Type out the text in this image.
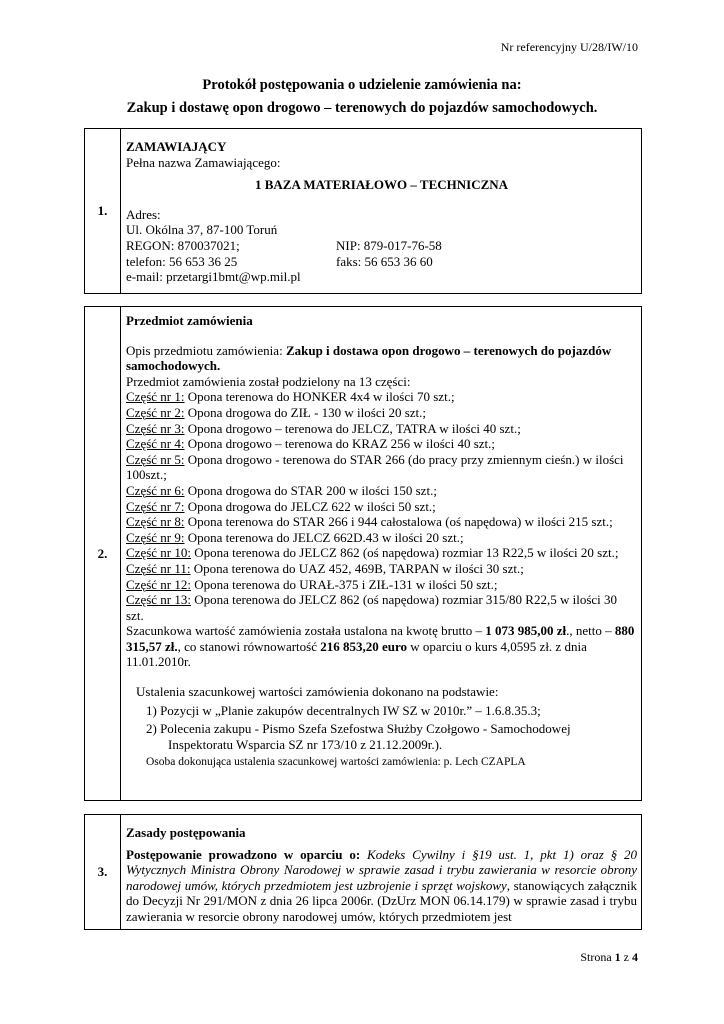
Nr referencyjny U/28/IW/10
Protokół postępowania o udzielenie zamówienia na:
Zakup i dostawę opon drogowo – terenowych do pojazdów samochodowych.
1.	
ZAMAWIAJĄCY
Pełna nazwa Zamawiającego:
1 BAZA MATERIAŁOWO – TECHNICZNA
Adres:
Ul. Okólna 37, 87-100 Toruń
REGON: 870037021;	NIP: 879-017-76-58
telefon: 56 653 36 25	faks: 56 653 36 60
e-mail: przetargi1bmt@wp.mil.pl
2.	
Przedmiot zamówienia
Opis przedmiotu zamówienia: Zakup i dostawa opon drogowo – terenowych do pojazdów samochodowych.
Przedmiot zamówienia został podzielony na 13 części:
Część nr 1: Opona terenowa do HONKER 4x4 w ilości 70 szt.;
Część nr 2: Opona drogowa do ZIŁ - 130 w ilości 20 szt.;
Część nr 3: Opona drogowo – terenowa do JELCZ, TATRA w ilości 40 szt.;
Część nr 4: Opona drogowo – terenowa do KRAZ 256 w ilości 40 szt.;
Część nr 5: Opona drogowo - terenowa do STAR 266 (do pracy przy zmiennym cieśn.) w ilości 100szt.;
Część nr 6: Opona drogowa do STAR 200 w ilości 150 szt.;
Część nr 7: Opona drogowa do JELCZ 622 w ilości 50 szt.;
Część nr 8: Opona terenowa do STAR 266 i 944 całostalowa (oś napędowa) w ilości 215 szt.;
Część nr 9: Opona terenowa do JELCZ 662D.43 w ilości 20 szt.;
Część nr 10: Opona terenowa do JELCZ 862 (oś napędowa) rozmiar 13 R22,5 w ilości 20 szt.;
Część nr 11: Opona terenowa do UAZ 452, 469B, TARPAN w ilości 30 szt.;
Część nr 12: Opona terenowa do URAŁ-375 i ZIŁ-131 w ilości 50 szt.;
Część nr 13: Opona terenowa do JELCZ 862 (oś napędowa) rozmiar 315/80 R22,5 w ilości 30 szt.
Szacunkowa wartość zamówienia została ustalona na kwotę brutto – 1 073 985,00 zł., netto – 880 315,57 zł., co stanowi równowartość 216 853,20 euro w oparciu o kurs 4,0595 zł. z dnia 11.01.2010r.
Ustalenia szacunkowej wartości zamówienia dokonano na podstawie:
1) Pozycji w „Planie zakupów decentralnych IW SZ w 2010r.” – 1.6.8.35.3;
2) Polecenia zakupu - Pismo Szefa Szefostwa Służby Czołgowo - Samochodowej Inspektoratu Wsparcia SZ nr 173/10 z 21.12.2009r.).
Osoba dokonująca ustalenia szacunkowej wartości zamówienia: p. Lech CZAPLA
3.	
Zasady postępowania
Postępowanie prowadzono w oparciu o: Kodeks Cywilny i §19 ust. 1, pkt 1) oraz § 20 Wytycznych Ministra Obrony Narodowej w sprawie zasad i trybu zawierania w resorcie obrony narodowej umów, których przedmiotem jest uzbrojenie i sprzęt wojskowy, stanowiących załącznik do Decyzji Nr 291/MON z dnia 26 lipca 2006r. (DzUrz MON 06.14.179) w sprawie zasad i trybu zawierania w resorcie obrony narodowej umów, których przedmiotem jest
Strona 1 z 4
